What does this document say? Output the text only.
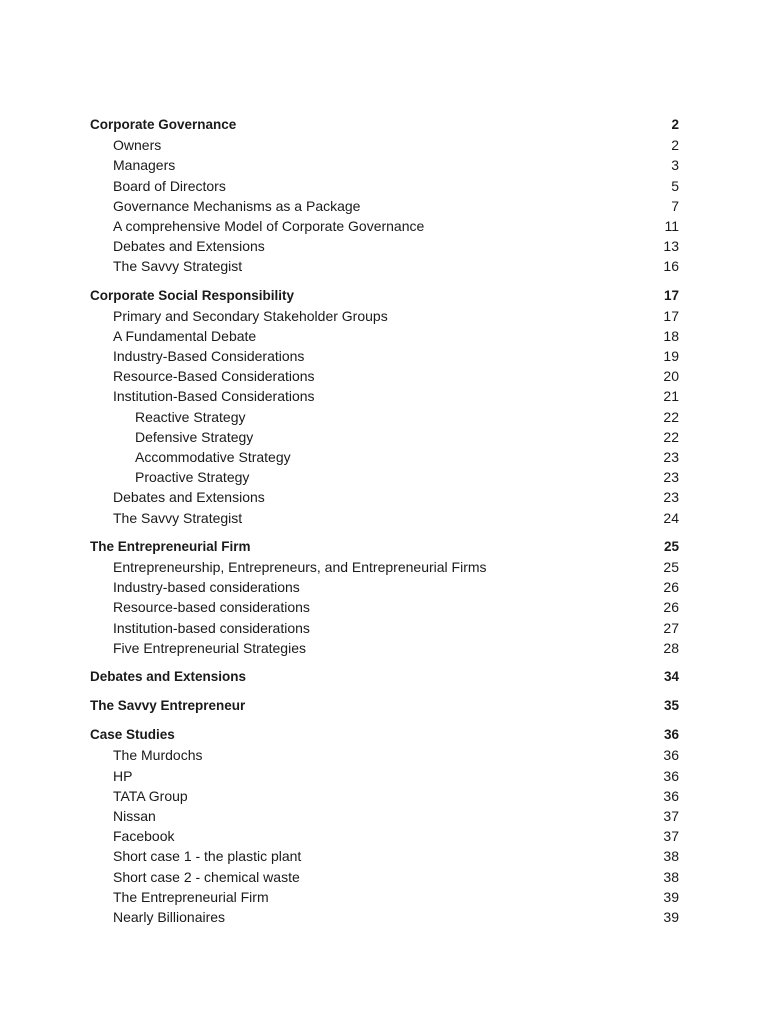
Corporate Governance	2
Owners	2
Managers	3
Board of Directors	5
Governance Mechanisms as a Package	7
A comprehensive Model of Corporate Governance	11
Debates and Extensions	13
The Savvy Strategist	16
Corporate Social Responsibility	17
Primary and Secondary Stakeholder Groups	17
A Fundamental Debate	18
Industry-Based Considerations	19
Resource-Based Considerations	20
Institution-Based Considerations	21
Reactive Strategy	22
Defensive Strategy	22
Accommodative Strategy	23
Proactive Strategy	23
Debates and Extensions	23
The Savvy Strategist	24
The Entrepreneurial Firm	25
Entrepreneurship, Entrepreneurs, and Entrepreneurial Firms	25
Industry-based considerations	26
Resource-based considerations	26
Institution-based considerations	27
Five Entrepreneurial Strategies	28
Debates and Extensions	34
The Savvy Entrepreneur	35
Case Studies	36
The Murdochs	36
HP	36
TATA Group	36
Nissan	37
Facebook	37
Short case 1 - the plastic plant	38
Short case 2 - chemical waste	38
The Entrepreneurial Firm	39
Nearly Billionaires	39
